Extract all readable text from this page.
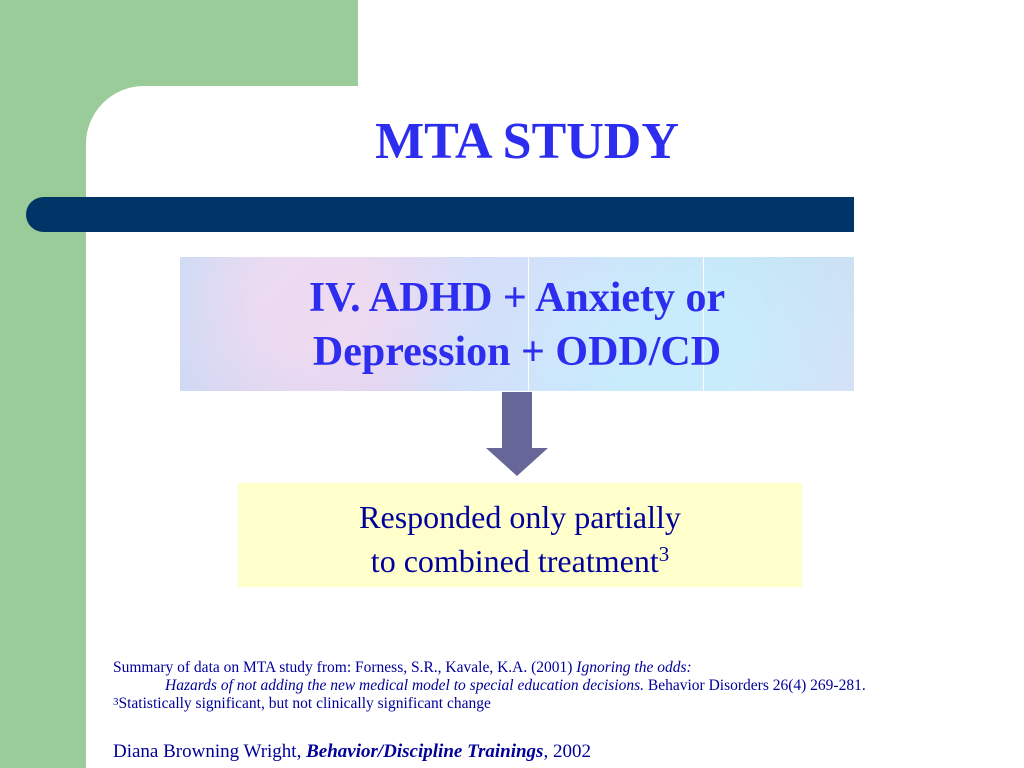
MTA STUDY
IV. ADHD + Anxiety or
Depression + ODD/CD
Responded only partially
to combined treatment$^3$
Summary of data on MTA study from: Forness, S.R., Kavale, K.A. (2001) Ignoring the odds:
Hazards of not adding the new medical model to special education decisions. Behavior Disorders 26(4) 269-281.
$^3$Statistically significant, but not clinically significant change
Diana Browning Wright, Behavior/Discipline Trainings, 2002
